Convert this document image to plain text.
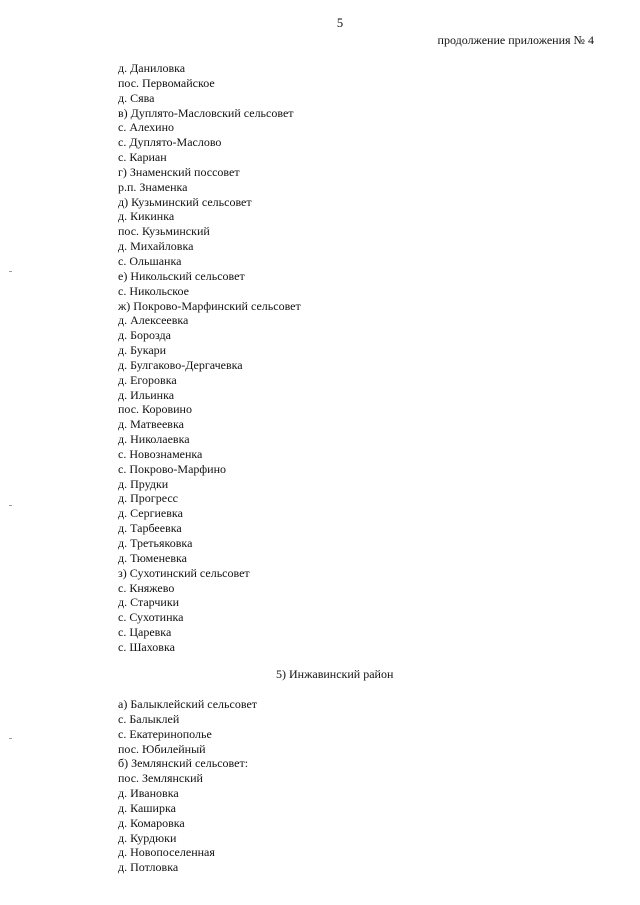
5
продолжение приложения № 4
д. Даниловка
пос. Первомайское
д. Сява
в) Дуплято-Масловский сельсовет
с. Алехино
с. Дуплято-Маслово
с. Кариан
г) Знаменский поссовет
р.п. Знаменка
д) Кузьминский сельсовет
д. Кикинка
пос. Кузьминский
д. Михайловка
с. Ольшанка
е) Никольский сельсовет
с. Никольское
ж) Покрово-Марфинский сельсовет
д. Алексеевка
д. Борозда
д. Букари
д. Булгаково-Дергачевка
д. Егоровка
д. Ильинка
пос. Коровино
д. Матвеевка
д. Николаевка
с. Новознаменка
с. Покрово-Марфино
д. Прудки
д. Прогресс
д. Сергиевка
д. Тарбеевка
д. Третьяковка
д. Тюменевка
з) Сухотинский сельсовет
с. Княжево
д. Старчики
с. Сухотинка
с. Царевка
с. Шаховка
5) Инжавинский район
а) Балыклейский сельсовет
с. Балыклей
с. Екатеринополье
пос. Юбилейный
б) Землянский сельсовет:
пос. Землянский
д. Ивановка
д. Каширка
д. Комаровка
д. Курдюки
д. Новопоселенная
д. Потловка
